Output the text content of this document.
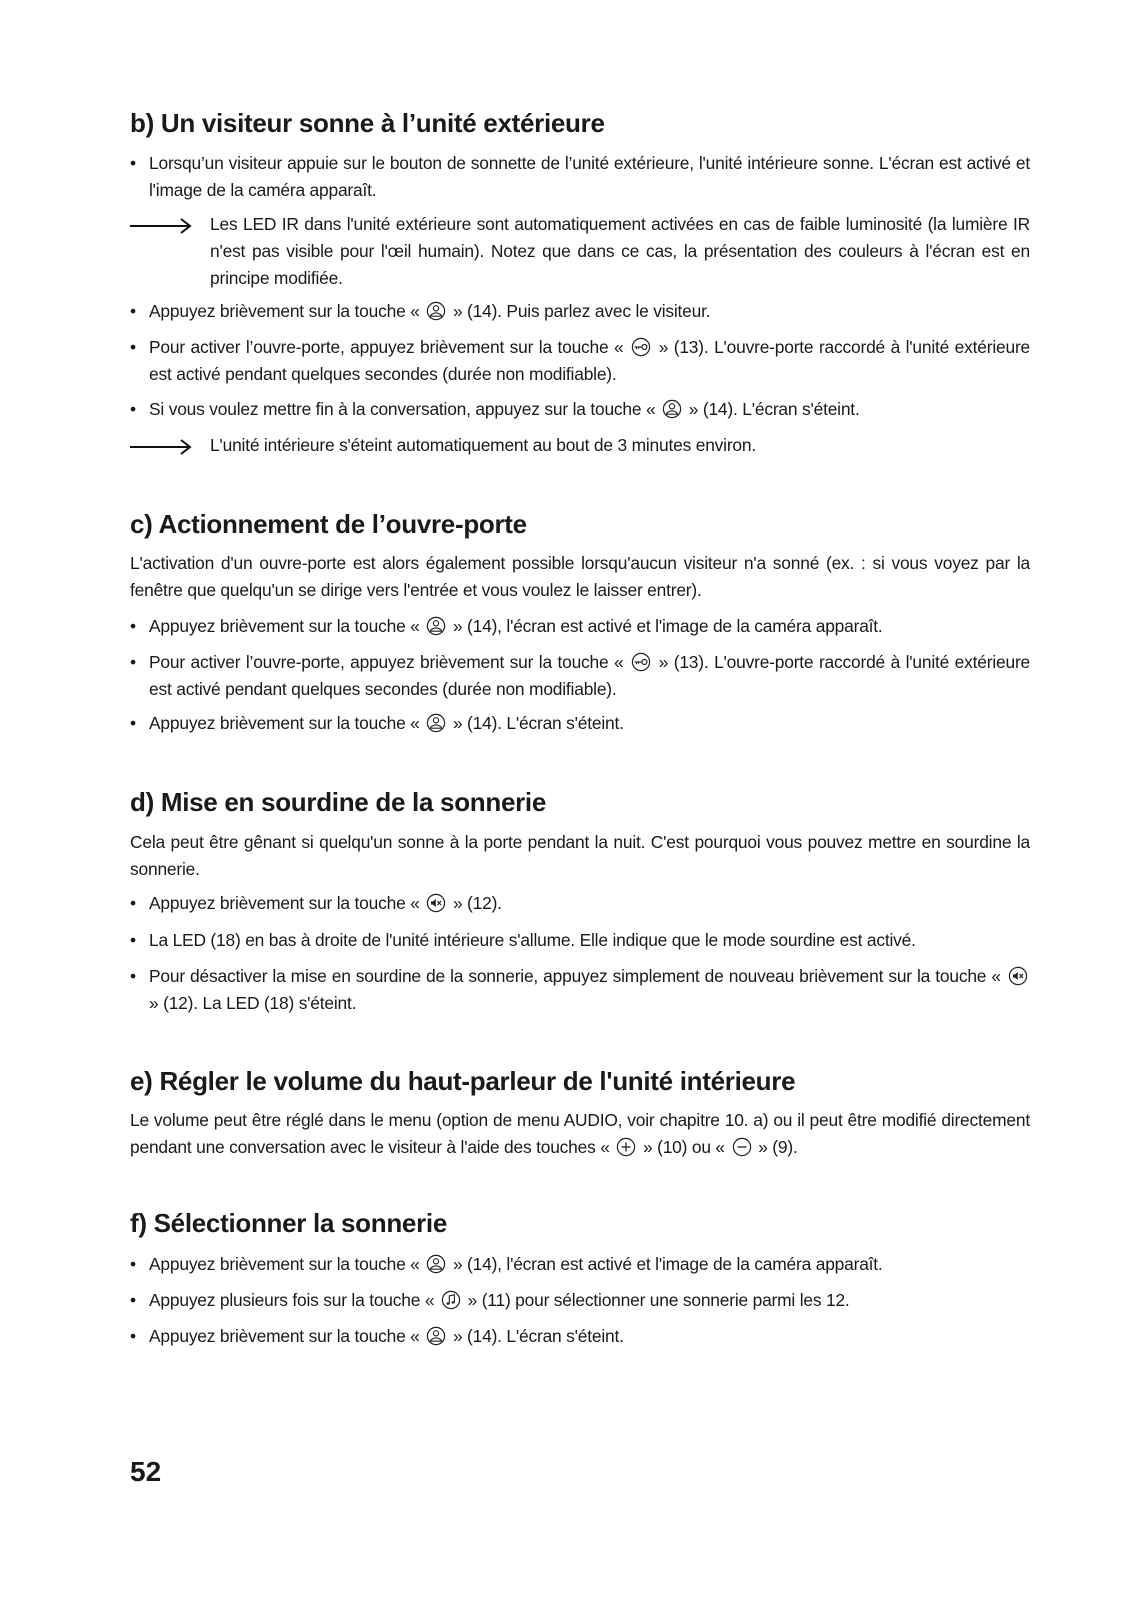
b) Un visiteur sonne à l’unité extérieure
• Lorsqu’un visiteur appuie sur le bouton de sonnette de l’unité extérieure, l'unité intérieure sonne. L'écran est activé et l'image de la caméra apparaît.
Les LED IR dans l'unité extérieure sont automatiquement activées en cas de faible luminosité (la lumière IR n'est pas visible pour l'œil humain). Notez que dans ce cas, la présentation des couleurs à l'écran est en principe modifiée.
• Appuyez brièvement sur la touche « » (14). Puis parlez avec le visiteur.
• Pour activer l’ouvre-porte, appuyez brièvement sur la touche « » (13). L'ouvre-porte raccordé à l'unité extérieure est activé pendant quelques secondes (durée non modifiable).
• Si vous voulez mettre fin à la conversation, appuyez sur la touche « » (14). L'écran s'éteint.
L'unité intérieure s'éteint automatiquement au bout de 3 minutes environ.
c) Actionnement de l’ouvre-porte
L'activation d'un ouvre-porte est alors également possible lorsqu'aucun visiteur n'a sonné (ex. : si vous voyez par la fenêtre que quelqu'un se dirige vers l'entrée et vous voulez le laisser entrer).
• Appuyez brièvement sur la touche « » (14), l'écran est activé et l'image de la caméra apparaît.
• Pour activer l’ouvre-porte, appuyez brièvement sur la touche « » (13). L'ouvre-porte raccordé à l'unité extérieure est activé pendant quelques secondes (durée non modifiable).
• Appuyez brièvement sur la touche « » (14). L'écran s'éteint.
d) Mise en sourdine de la sonnerie
Cela peut être gênant si quelqu'un sonne à la porte pendant la nuit. C'est pourquoi vous pouvez mettre en sourdine la sonnerie.
• Appuyez brièvement sur la touche « » (12).
• La LED (18) en bas à droite de l'unité intérieure s'allume. Elle indique que le mode sourdine est activé.
• Pour désactiver la mise en sourdine de la sonnerie, appuyez simplement de nouveau brièvement sur la touche «  » (12). La LED (18) s'éteint.
e) Régler le volume du haut-parleur de l'unité intérieure
Le volume peut être réglé dans le menu (option de menu AUDIO, voir chapitre 10. a) ou il peut être modifié directement pendant une conversation avec le visiteur à l'aide des touches « » (10) ou « » (9).
f) Sélectionner la sonnerie
• Appuyez brièvement sur la touche « » (14), l'écran est activé et l'image de la caméra apparaît.
• Appuyez plusieurs fois sur la touche « » (11) pour sélectionner une sonnerie parmi les 12.
• Appuyez brièvement sur la touche « » (14). L'écran s'éteint.
52
